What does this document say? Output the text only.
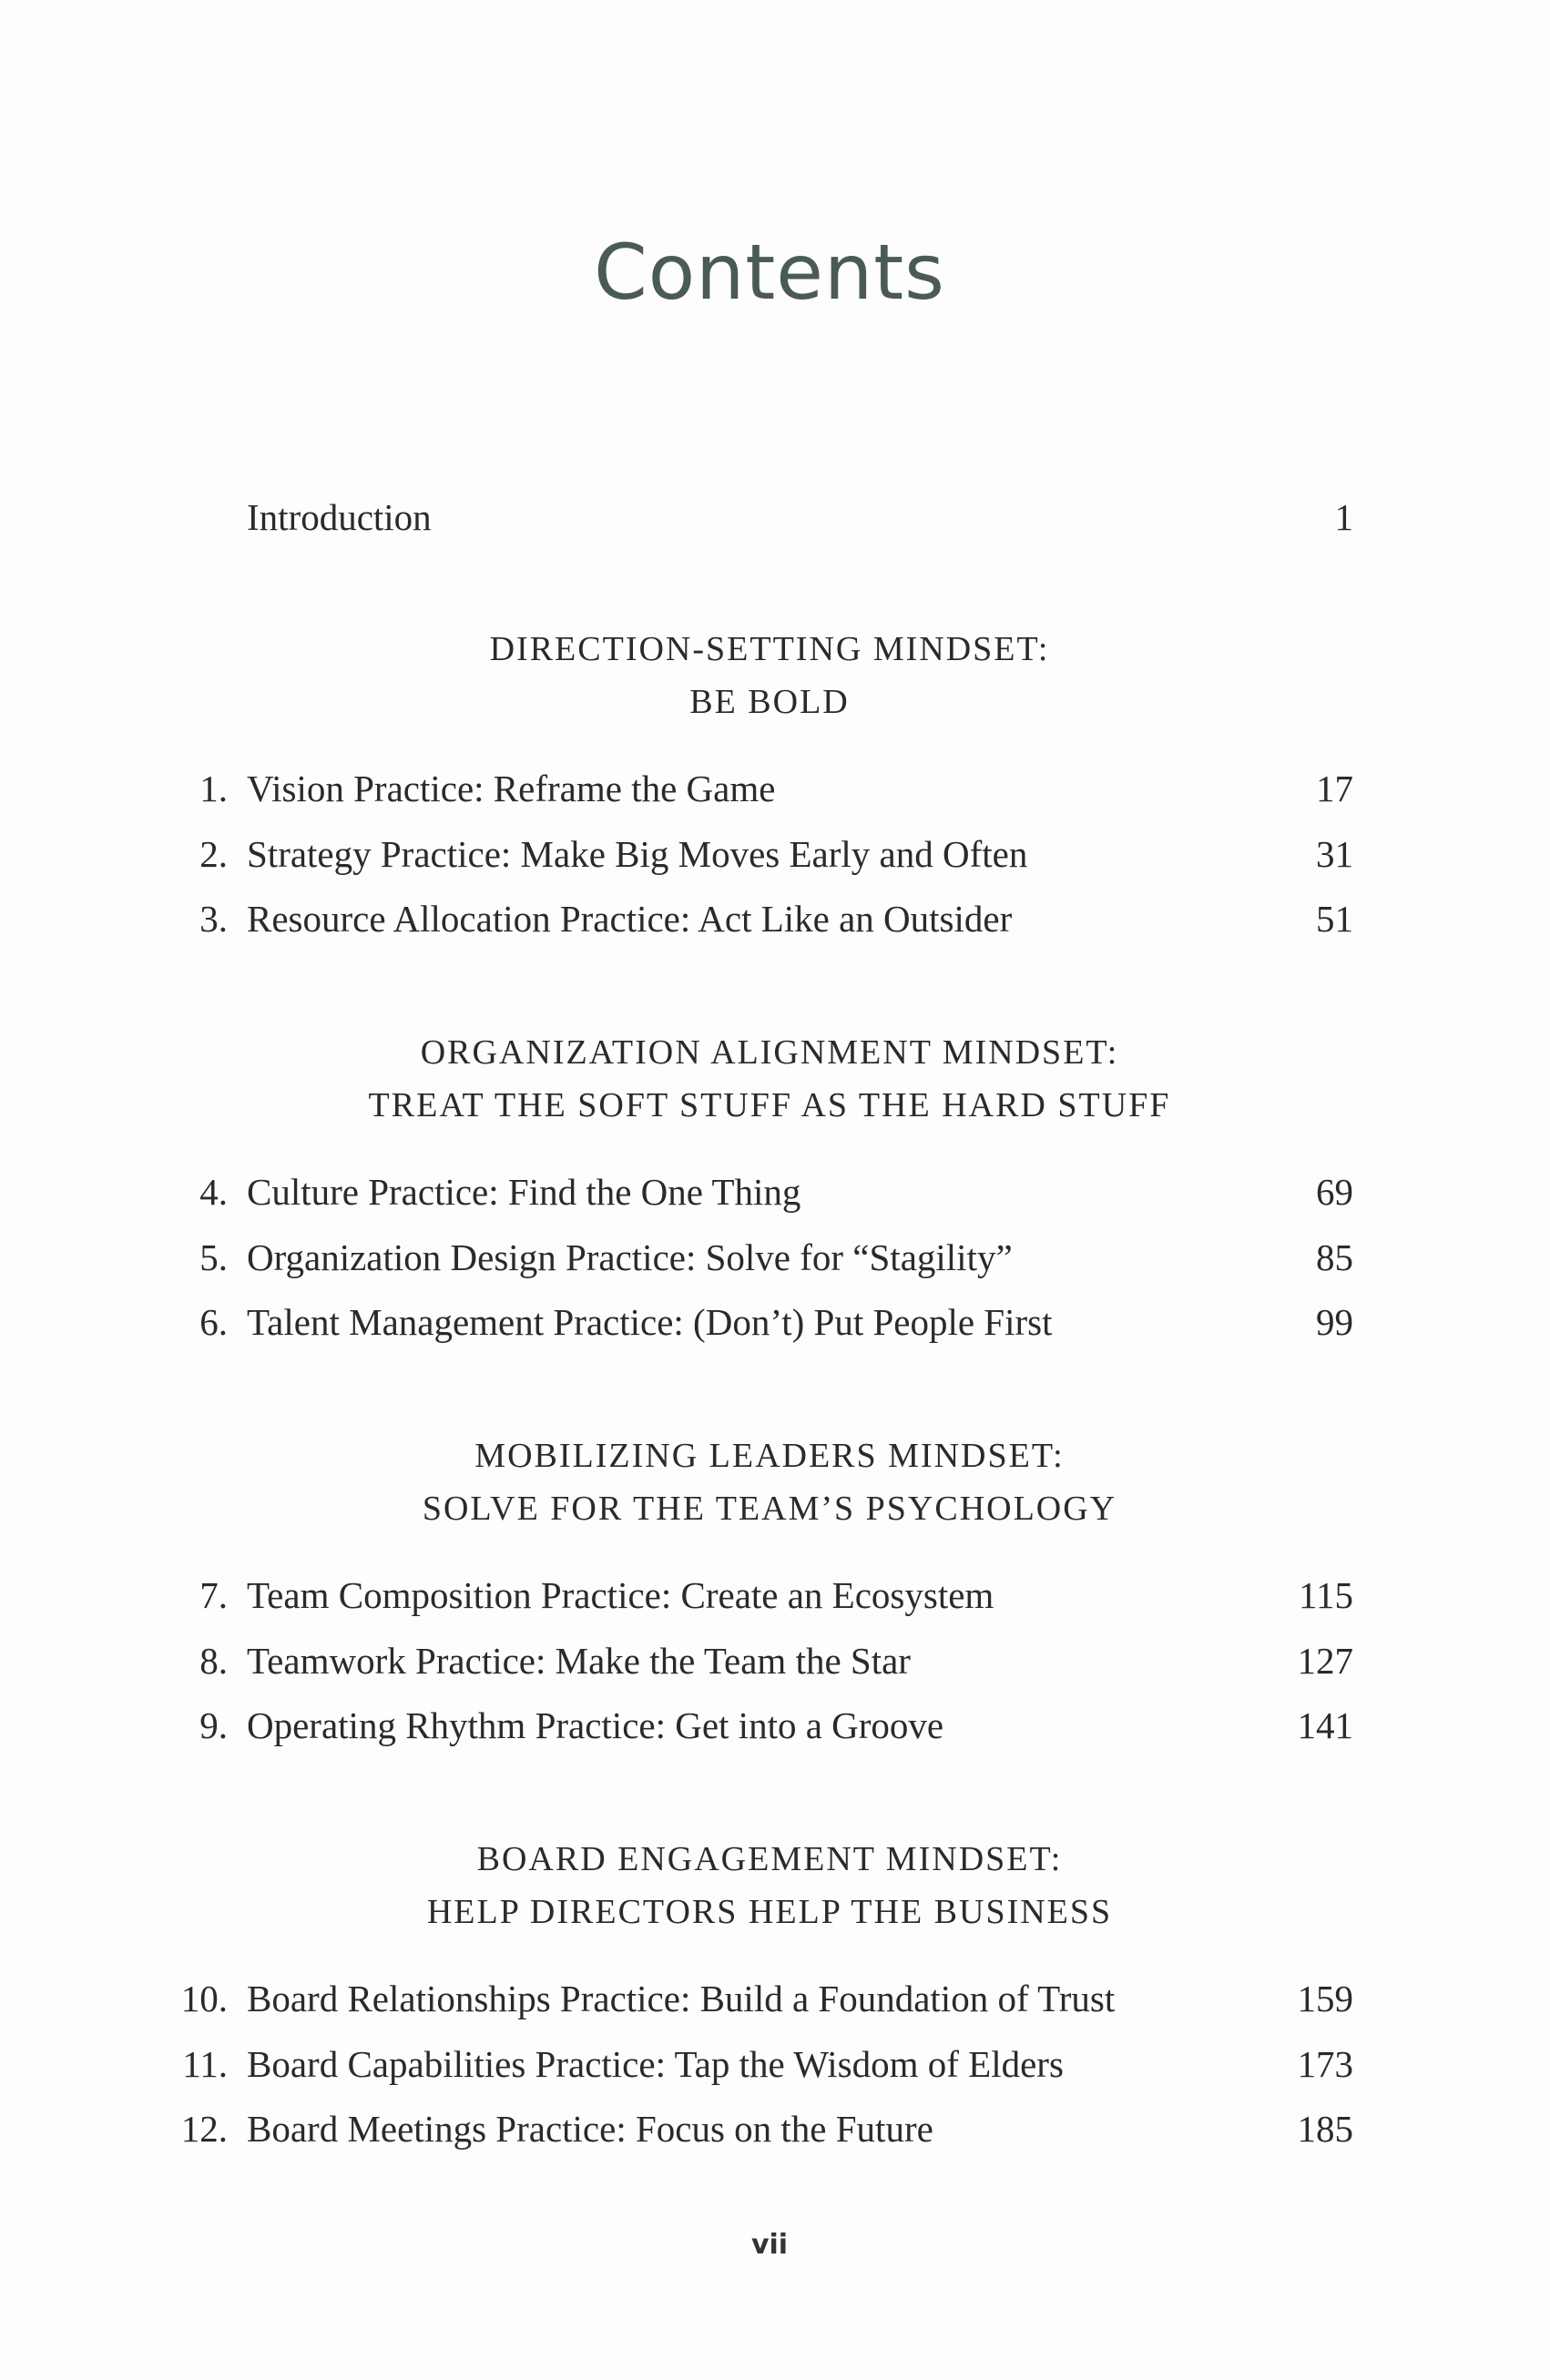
Contents
Introduction	1
DIRECTION-SETTING MINDSET:
BE BOLD
1. Vision Practice: Reframe the Game	17
2. Strategy Practice: Make Big Moves Early and Often	31
3. Resource Allocation Practice: Act Like an Outsider	51
ORGANIZATION ALIGNMENT MINDSET:
TREAT THE SOFT STUFF AS THE HARD STUFF
4. Culture Practice: Find the One Thing	69
5. Organization Design Practice: Solve for “Stagility”	85
6. Talent Management Practice: (Don’t) Put People First	99
MOBILIZING LEADERS MINDSET:
SOLVE FOR THE TEAM’S PSYCHOLOGY
7. Team Composition Practice: Create an Ecosystem	115
8. Teamwork Practice: Make the Team the Star	127
9. Operating Rhythm Practice: Get into a Groove	141
BOARD ENGAGEMENT MINDSET:
HELP DIRECTORS HELP THE BUSINESS
10. Board Relationships Practice: Build a Foundation of Trust	159
11. Board Capabilities Practice: Tap the Wisdom of Elders	173
12. Board Meetings Practice: Focus on the Future	185
vii
